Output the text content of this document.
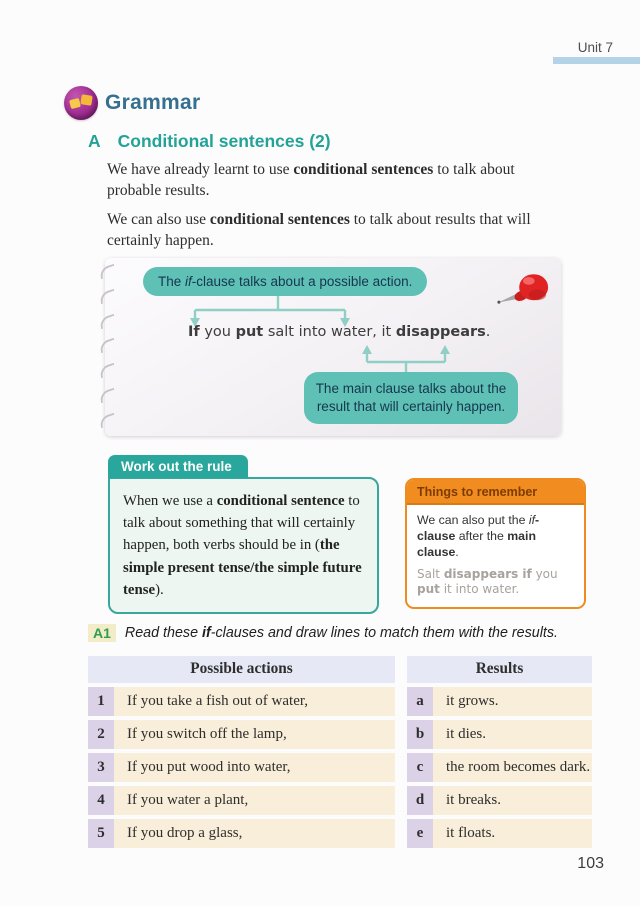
Unit 7
Grammar
A Conditional sentences (2)

We have already learnt to use conditional sentences to talk about probable results.

We can also use conditional sentences to talk about results that will certainly happen.

The if-clause talks about a possible action.
If you put salt into water, it disappears.
The main clause talks about the result that will certainly happen.
Work out the rule
When we use a conditional sentence to talk about something that will certainly happen, both verbs should be in (the simple present tense/the simple future tense).
Things to remember
We can also put the if-clause after the main clause.
Salt disappears if you put it into water.
A1 Read these if-clauses and draw lines to match them with the results.
Possible actions	Results
1	If you take a fish out of water,	a	it grows.
2	If you switch off the lamp,	b	it dies.
3	If you put wood into water,	c	the room becomes dark.
4	If you water a plant,	d	it breaks.
5	If you drop a glass,	e	it floats.
103
